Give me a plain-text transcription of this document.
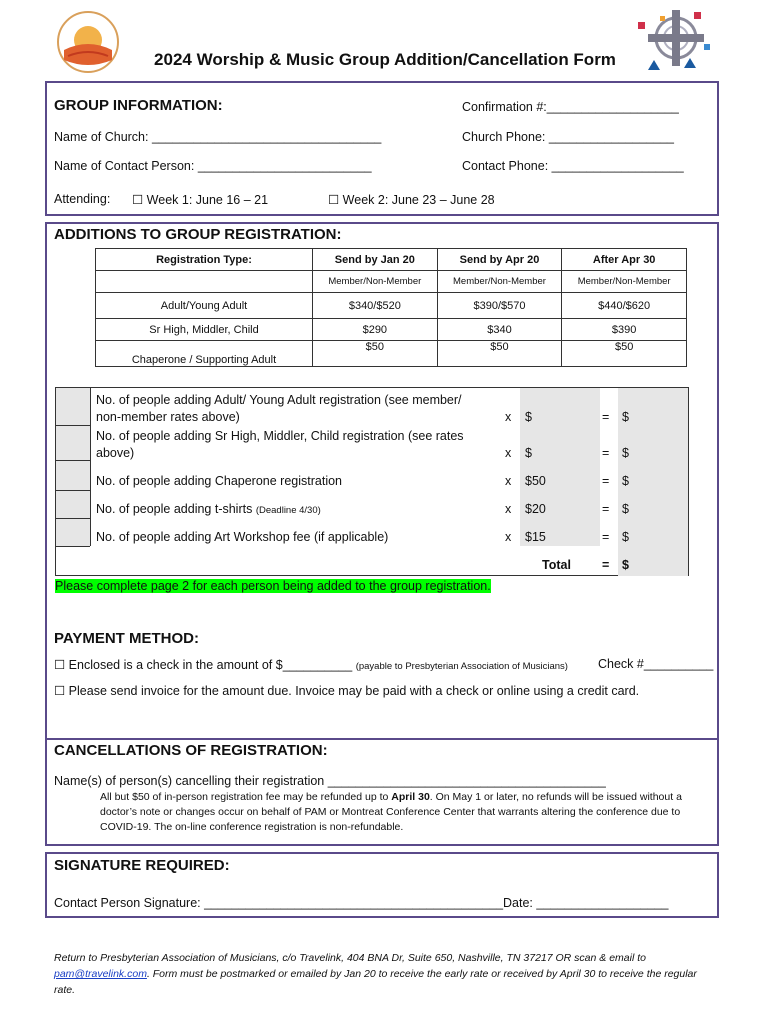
2024 Worship & Music Group Addition/Cancellation Form
GROUP INFORMATION:	Confirmation #:___________________
Name of Church: _________________________________	Church Phone: __________________
Name of Contact Person: _________________________	Contact Phone: ___________________
Attending: ☐ Week 1: June 16 – 21	☐ Week 2: June 23 – June 28
ADDITIONS TO GROUP REGISTRATION:
Registration Type:	Send by Jan 20	Send by Apr 20	After Apr 30
	Member/Non-Member	Member/Non-Member	Member/Non-Member
Adult/Young Adult	$340/$520	$390/$570	$440/$620
Sr High, Middler, Child	$290	$340	$390
Chaperone / Supporting Adult	$50	$50	$50
No. of people adding Adult/ Young Adult registration (see member/
non-member rates above)	x $	= $
No. of people adding Sr High, Middler, Child registration (see rates
above)	x $	= $
No. of people adding Chaperone registration	x $50	= $
No. of people adding t-shirts (Deadline 4/30)	x $20	= $
No. of people adding Art Workshop fee (if applicable)	x $15	= $
Total = $
Please complete page 2 for each person being added to the group registration.
PAYMENT METHOD:
☐ Enclosed is a check in the amount of $__________ (payable to Presbyterian Association of Musicians) Check #__________
☐ Please send invoice for the amount due. Invoice may be paid with a check or online using a credit card.
CANCELLATIONS OF REGISTRATION:
Name(s) of person(s) cancelling their registration ________________________________________
All but $50 of in-person registration fee may be refunded up to April 30. On May 1 or later, no refunds will be issued without a doctor’s note or changes occur on behalf of PAM or Montreat Conference Center that warrants altering the conference due to COVID-19. The on-line conference registration is non-refundable.
SIGNATURE REQUIRED:
Contact Person Signature: ___________________________________________Date: ___________________
Return to Presbyterian Association of Musicians, c/o Travelink, 404 BNA Dr, Suite 650, Nashville, TN 37217 OR scan & email to pam@travelink.com. Form must be postmarked or emailed by Jan 20 to receive the early rate or received by April 30 to receive the regular rate.
